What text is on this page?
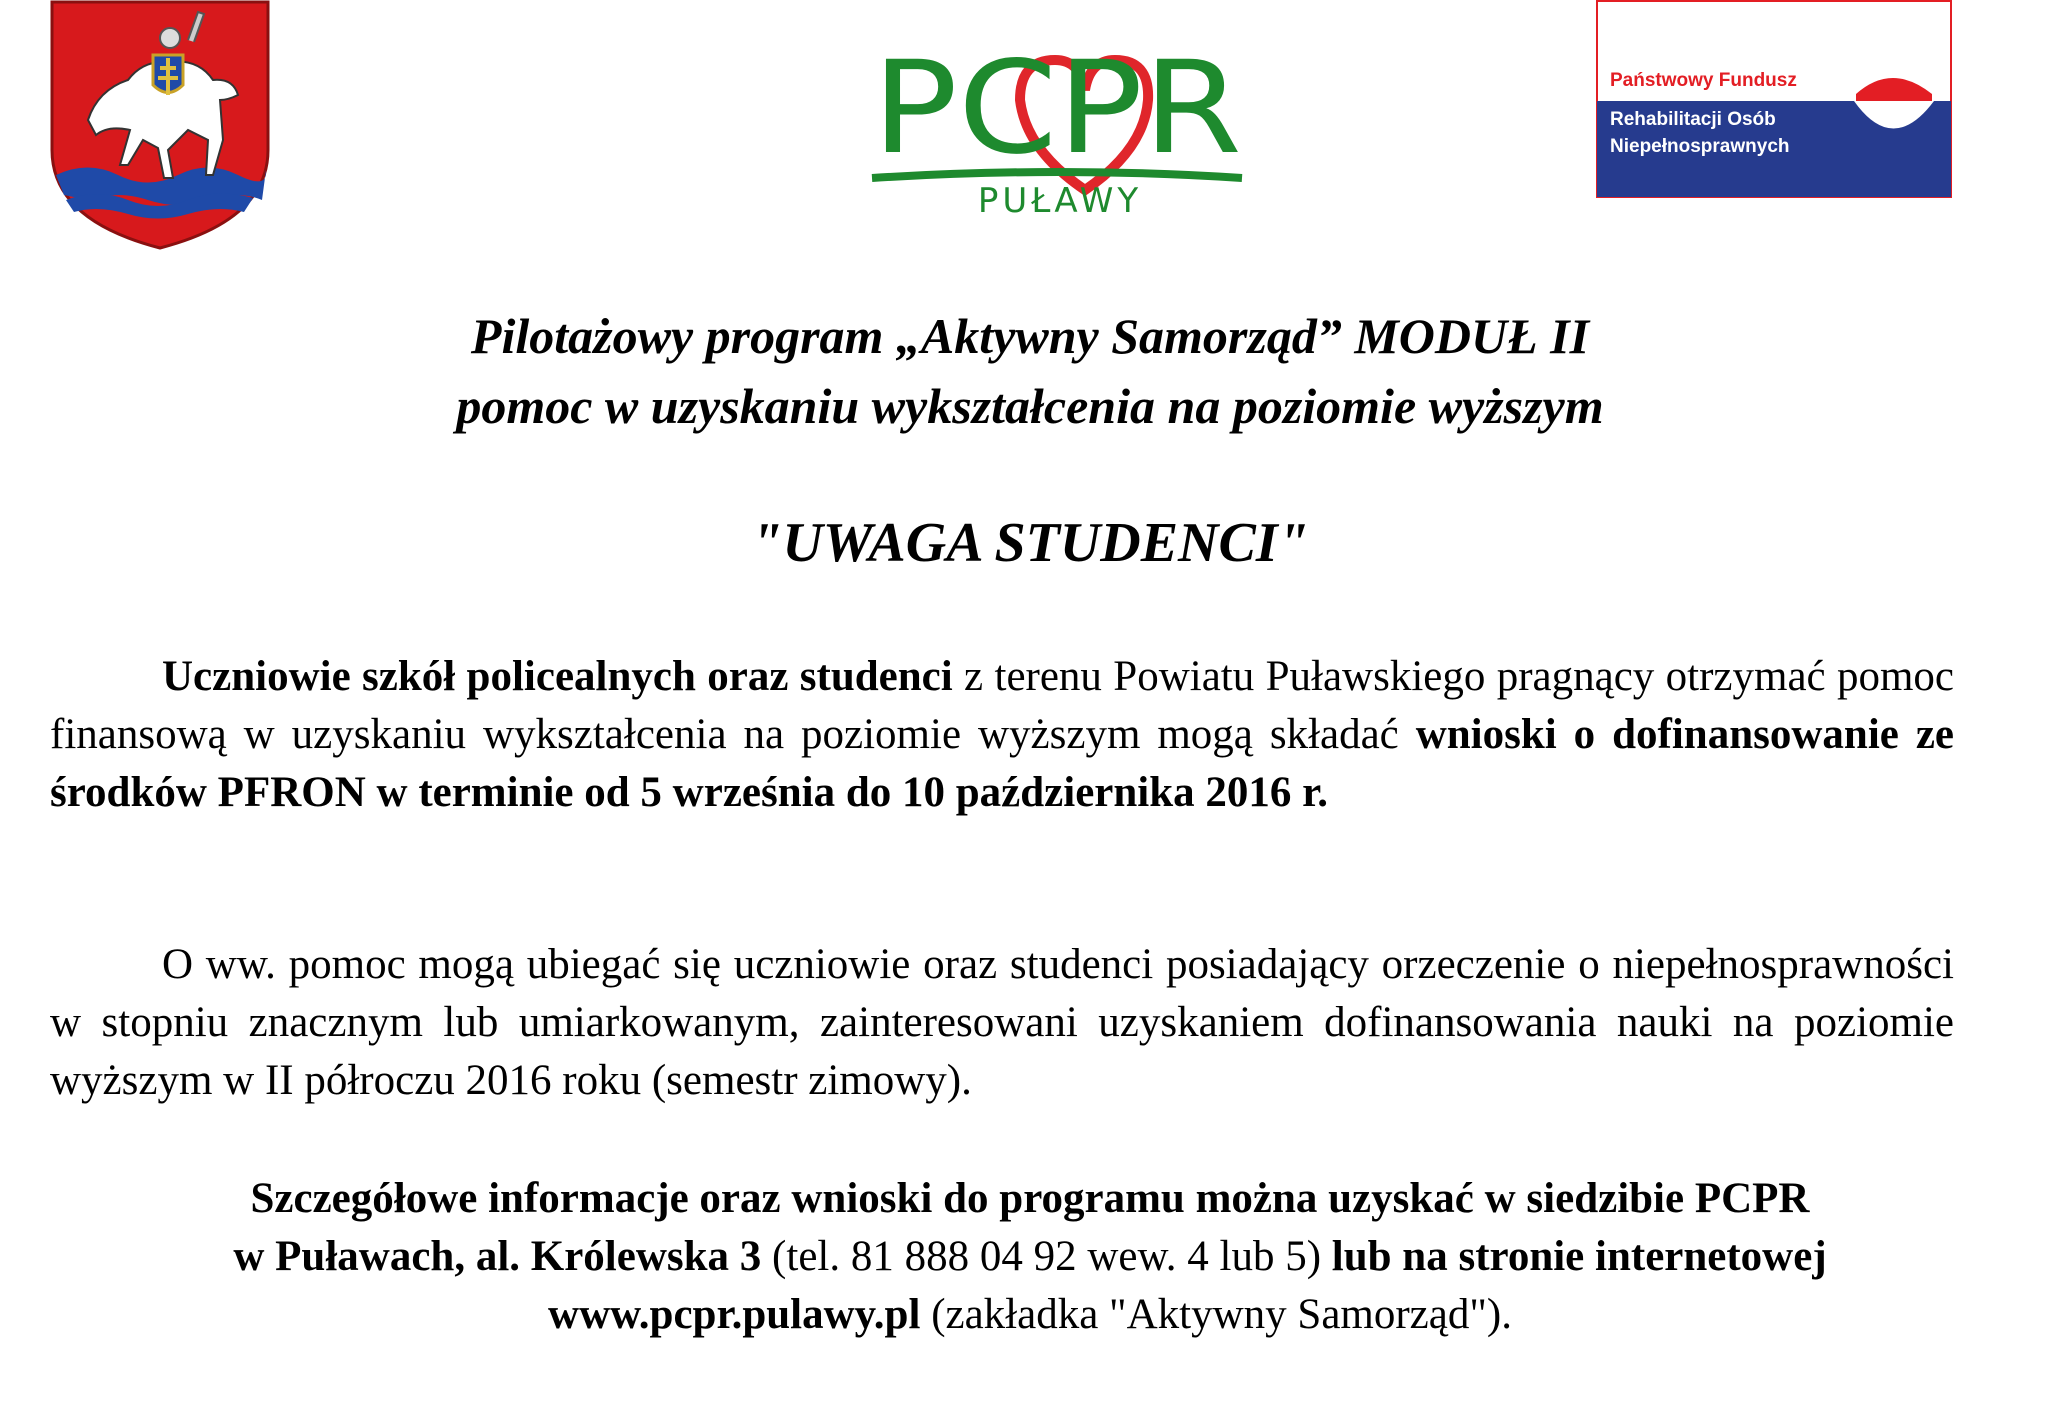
PCPR
PUŁAWY
Państwowy Fundusz
Rehabilitacji Osób
Niepełnosprawnych
Pilotażowy program „Aktywny Samorząd” MODUŁ II
pomoc w uzyskaniu wykształcenia na poziomie wyższym
"UWAGA STUDENCI"
Uczniowie szkół policealnych oraz studenci z terenu Powiatu Puławskiego pragnący otrzymać pomoc finansową w uzyskaniu wykształcenia na poziomie wyższym mogą składać wnioski o dofinansowanie ze środków PFRON w terminie od 5 września do 10 października 2016 r.
O ww. pomoc mogą ubiegać się uczniowie oraz studenci posiadający orzeczenie o niepełnosprawności w stopniu znacznym lub umiarkowanym, zainteresowani uzyskaniem dofinansowania nauki na poziomie wyższym w II półroczu 2016 roku (semestr zimowy).
Szczegółowe informacje oraz wnioski do programu można uzyskać w siedzibie PCPR
w Puławach, al. Królewska 3 (tel. 81 888 04 92 wew. 4 lub 5) lub na stronie internetowej
www.pcpr.pulawy.pl (zakładka "Aktywny Samorząd").
